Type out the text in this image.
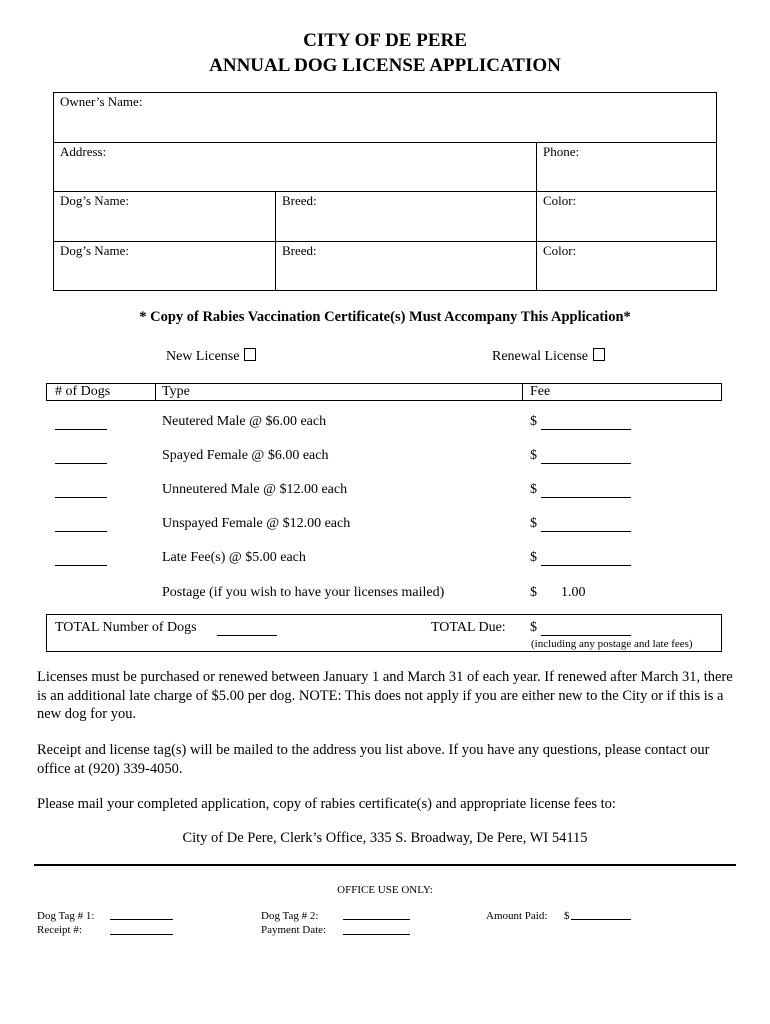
CITY OF DE PERE
ANNUAL DOG LICENSE APPLICATION
Owner’s Name:
Address:	Phone:
Dog’s Name:	Breed:	Color:
Dog’s Name:	Breed:	Color:
* Copy of Rabies Vaccination Certificate(s) Must Accompany This Application*
New License	Renewal License
# of Dogs	Type	Fee
Neutered Male @ $6.00 each	$
Spayed Female @ $6.00 each	$
Unneutered Male @ $12.00 each	$
Unspayed Female @ $12.00 each	$
Late Fee(s) @ $5.00 each	$
Postage (if you wish to have your licenses mailed)	$ 1.00
TOTAL Number of Dogs	TOTAL Due: $
(including any postage and late fees)
Licenses must be purchased or renewed between January 1 and March 31 of each year. If renewed after March 31, there is an additional late charge of $5.00 per dog. NOTE: This does not apply if you are either new to the City or if this is a new dog for you.
Receipt and license tag(s) will be mailed to the address you list above. If you have any questions, please contact our office at (920) 339-4050.
Please mail your completed application, copy of rabies certificate(s) and appropriate license fees to:
City of De Pere, Clerk’s Office, 335 S. Broadway, De Pere, WI 54115
OFFICE USE ONLY:
Dog Tag # 1:
Receipt #:
Dog Tag # 2:
Payment Date:
Amount Paid: $
